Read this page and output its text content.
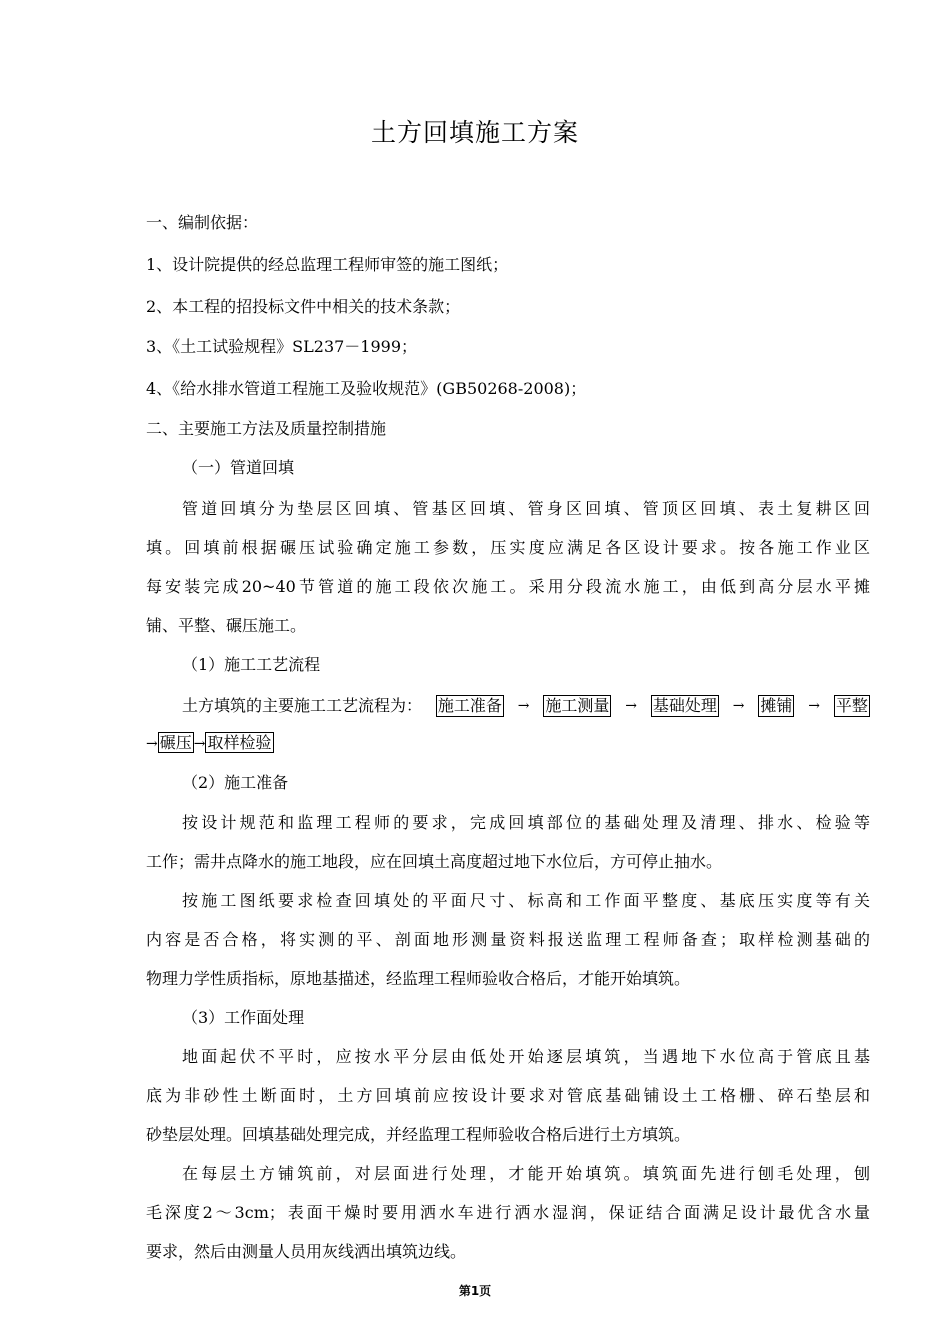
土方回填施工方案
一、编制依据：
1、设计院提供的经总监理工程师审签的施工图纸；
2、本工程的招投标文件中相关的技术条款；
3、《土工试验规程》SL237－1999；
4、《给水排水管道工程施工及验收规范》(GB50268-2008)；
二、主要施工方法及质量控制措施
（一）管道回填
管道回填分为垫层区回填、管基区回填、管身区回填、管顶区回填、表土复耕区回
填。回填前根据碾压试验确定施工参数，压实度应满足各区设计要求。按各施工作业区
每安装完成20~40节管道的施工段依次施工。采用分段流水施工，由低到高分层水平摊
铺、平整、碾压施工。
（1）施工工艺流程
土方填筑的主要施工工艺流程为： 施工准备 → 施工测量 → 基础处理 → 摊铺 → 平整
→ 碾压 → 取样检验
（2）施工准备
按设计规范和监理工程师的要求，完成回填部位的基础处理及清理、排水、检验等
工作；需井点降水的施工地段，应在回填土高度超过地下水位后，方可停止抽水。
按施工图纸要求检查回填处的平面尺寸、标高和工作面平整度、基底压实度等有关
内容是否合格，将实测的平、剖面地形测量资料报送监理工程师备查；取样检测基础的
物理力学性质指标，原地基描述，经监理工程师验收合格后，才能开始填筑。
（3）工作面处理
地面起伏不平时，应按水平分层由低处开始逐层填筑，当遇地下水位高于管底且基
底为非砂性土断面时，土方回填前应按设计要求对管底基础铺设土工格栅、碎石垫层和
砂垫层处理。回填基础处理完成，并经监理工程师验收合格后进行土方填筑。
在每层土方铺筑前，对层面进行处理，才能开始填筑。填筑面先进行刨毛处理，刨
毛深度2～3cm；表面干燥时要用洒水车进行洒水湿润，保证结合面满足设计最优含水量
要求，然后由测量人员用灰线洒出填筑边线。
第1页
